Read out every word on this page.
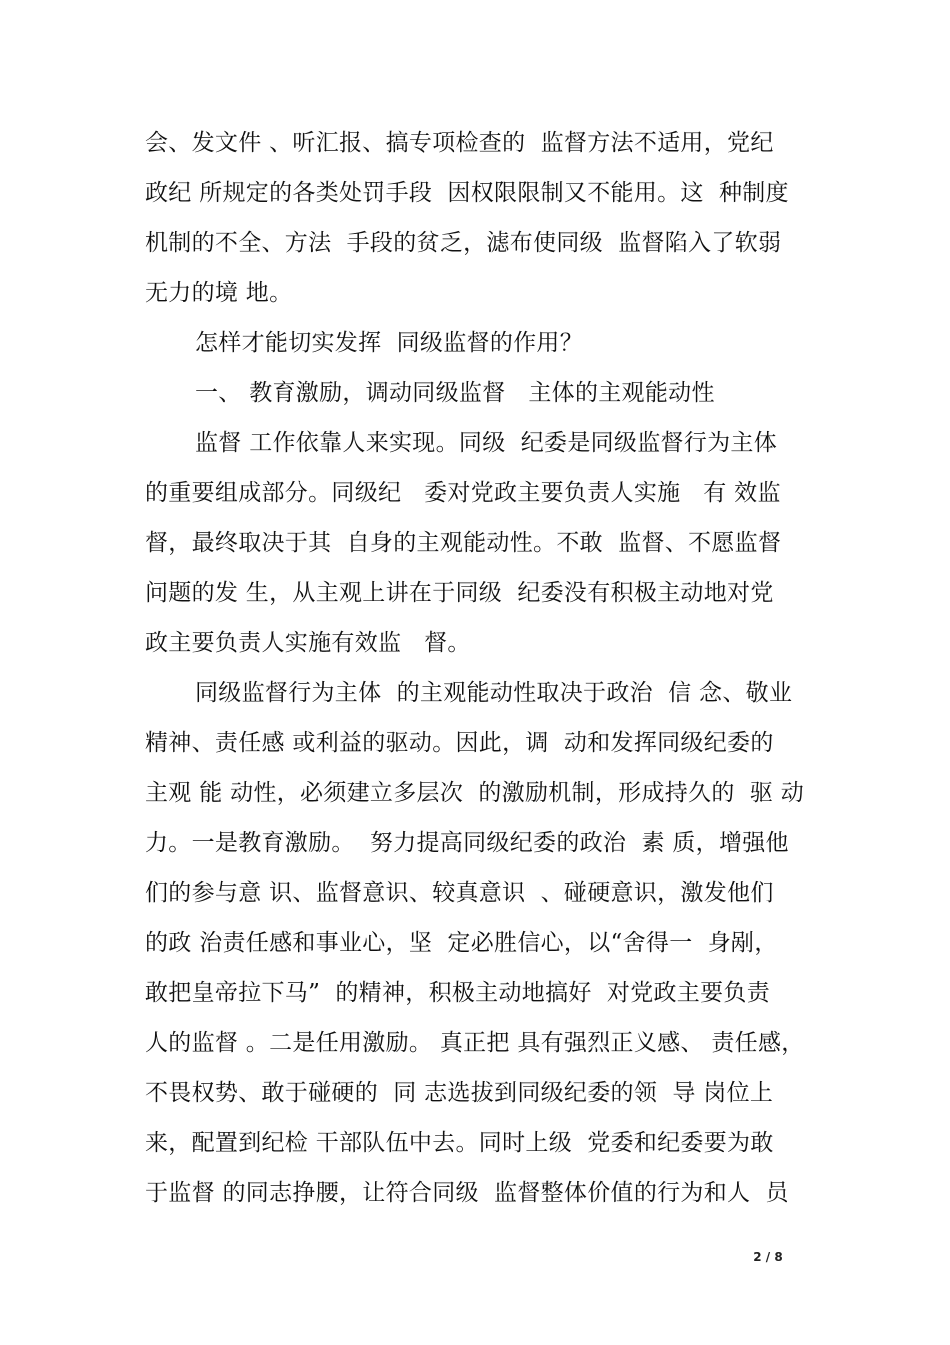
会、发文件 、听汇报、搞专项检查的  监督方法不适用，党纪
政纪 所规定的各类处罚手段  因权限限制又不能用。这  种制度
机制的不全、方法  手段的贫乏，滤布使同级  监督陷入了软弱
无力的境 地。
怎样才能切实发挥  同级监督的作用？
一、 教育激励，调动同级监督   主体的主观能动性
监督 工作依靠人来实现。同级  纪委是同级监督行为主体
的重要组成部分。同级纪   委对党政主要负责人实施   有 效监
督，最终取决于其  自身的主观能动性。不敢  监督、不愿监督
问题的发 生，从主观上讲在于同级  纪委没有积极主动地对党
政主要负责人实施有效监   督。
同级监督行为主体  的主观能动性取决于政治  信 念、敬业
精神、责任感 或利益的驱动。因此，调  动和发挥同级纪委的
主观 能 动性，必须建立多层次  的激励机制，形成持久的  驱 动
力。一是教育激励。  努力提高同级纪委的政治  素 质，增强他
们的参与意 识、监督意识、较真意识  、碰硬意识，激发他们
的政 治责任感和事业心，坚  定必胜信心，以“舍得一  身剐，
敢把皇帝拉下马”  的精神，积极主动地搞好  对党政主要负责
人的监督 。二是任用激励。 真正把 具有强烈正义感、 责任感，
不畏权势、敢于碰硬的  同 志选拔到同级纪委的领  导 岗位上
来，配置到纪检 干部队伍中去。同时上级  党委和纪委要为敢
于监督 的同志挣腰，让符合同级  监督整体价值的行为和人  员
2 / 8
